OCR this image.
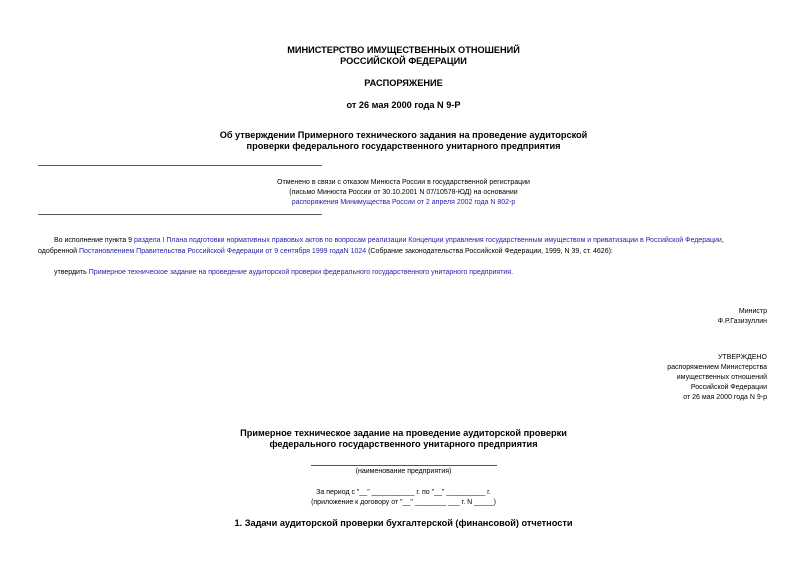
МИНИСТЕРСТВО ИМУЩЕСТВЕННЫХ ОТНОШЕНИЙ
РОССИЙСКОЙ ФЕДЕРАЦИИ
РАСПОРЯЖЕНИЕ
от 26 мая 2000 года N 9-Р
Об утверждении Примерного технического задания на проведение аудиторской
проверки федерального государственного унитарного предприятия
Отменено в связи с отказом Минюста России в государственной регистрации
(письмо Минюста России от 30.10.2001 N 07/10578-ЮД) на основании
распоряжения Минимущества России от 2 апреля 2002 года N 802-р
Во исполнение пункта 9 раздела I Плана подготовки нормативных правовых актов по вопросам реализации Концепции управления государственным имуществом и приватизации в Российской Федерации,
одобренной Постановлением Правительства Российской Федерации от 9 сентября 1999 годаN 1024 (Собрание законодательства Российской Федерации, 1999, N 39, ст. 4626):
утвердить Примерное техническое задание на проведение аудиторской проверки федерального государственного унитарного предприятия.
Министр
Ф.Р.Газизуллин
УТВЕРЖДЕНО
распоряжением Министерства
имущественных отношений
Российской Федерации
от 26 мая 2000 года N 9-р
Примерное техническое задание на проведение аудиторской проверки
федерального государственного унитарного предприятия
(наименование предприятия)
За период с "__" ___________ г. по "__" __________ г.
(приложение к договору от "__" ________ ___ г. N _____)
1. Задачи аудиторской проверки бухгалтерской (финансовой) отчетности
